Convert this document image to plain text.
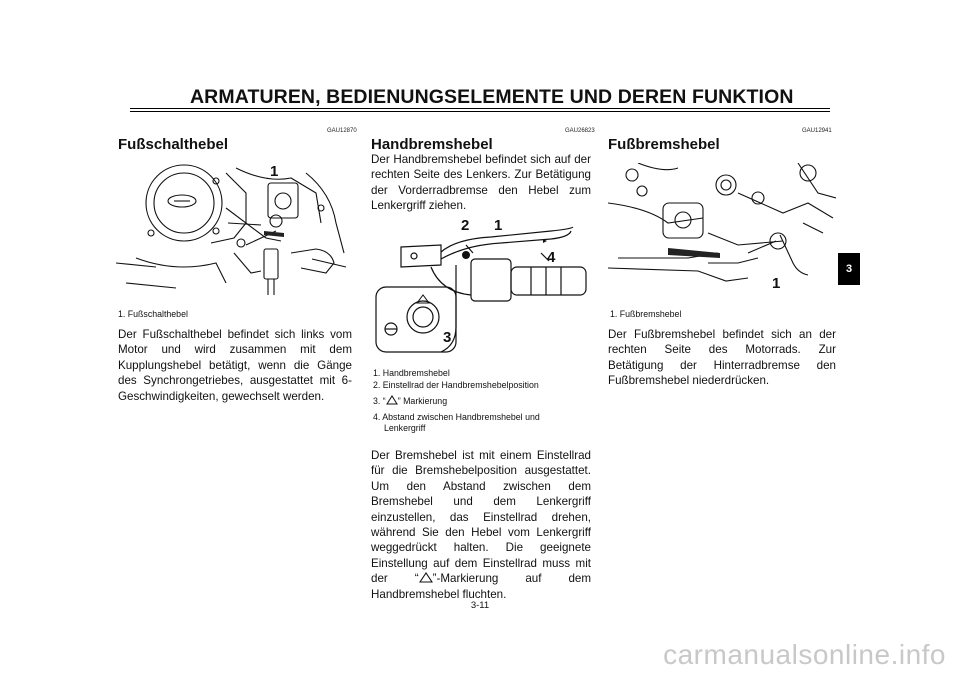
ARMATUREN, BEDIENUNGSELEMENTE UND DEREN FUNKTION
GAU12870
Fußschalthebel
1
1. Fußschalthebel
Der Fußschalthebel befindet sich links vom Motor und wird zusammen mit dem Kupplungshebel betätigt, wenn die Gänge des Synchrongetriebes, ausgestattet mit 6-Geschwindigkeiten, gewechselt werden.
GAU26823
Handbremshebel
Der Handbremshebel befindet sich auf der rechten Seite des Lenkers. Zur Betätigung der Vorderradbremse den Hebel zum Lenkergriff ziehen.
2 1
4
3
1. Handbremshebel
2. Einstellrad der Handbremshebelposition
3. “ ” Markierung
4. Abstand zwischen Handbremshebel und
Lenkergriff
Der Bremshebel ist mit einem Einstellrad für die Bremshebelposition ausgestattet. Um den Abstand zwischen dem Bremshebel und dem Lenkergriff einzustellen, das Einstellrad drehen, während Sie den Hebel vom Lenkergriff weggedrückt halten. Die geeignete Einstellung auf dem Einstellrad muss mit der “ ”-Markierung auf dem Handbremshebel fluchten.
GAU12941
Fußbremshebel
1
1. Fußbremshebel
Der Fußbremshebel befindet sich an der rechten Seite des Motorrads. Zur Betätigung der Hinterradbremse den Fußbremshebel niederdrücken.
3
3-11
carmanualsonline.info
